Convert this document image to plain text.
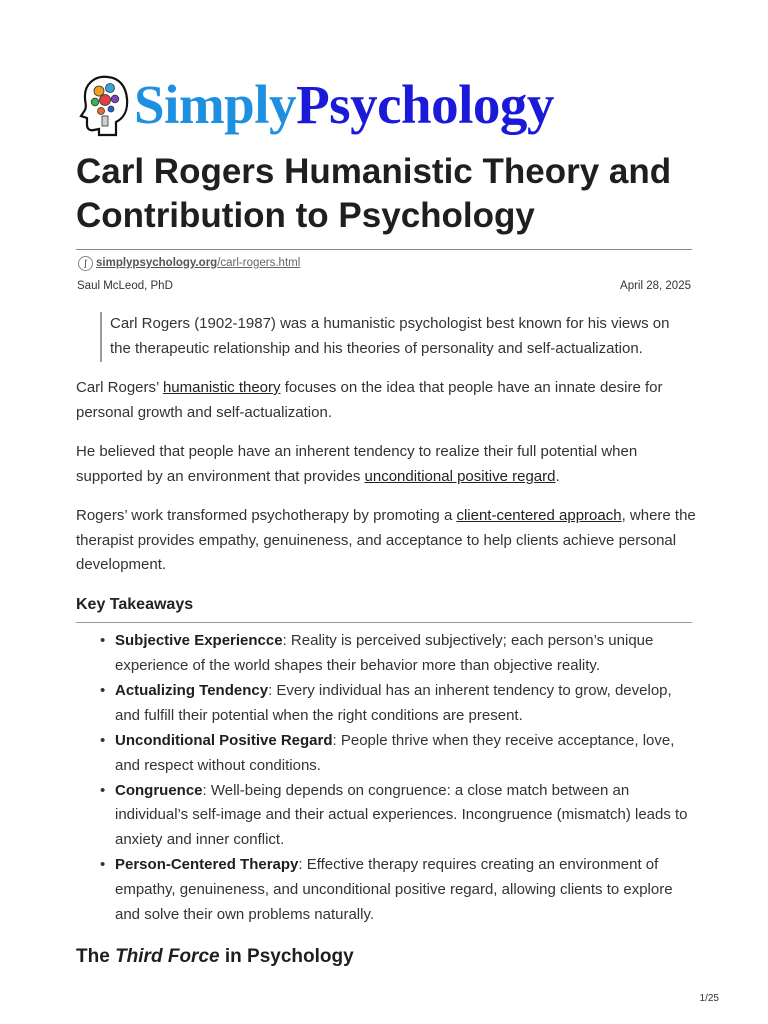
SimplyPsychology
Carl Rogers Humanistic Theory and Contribution to Psychology
ʃ simplypsychology.org /carl-rogers.html
Saul McLeod, PhD	April 28, 2025
Carl Rogers (1902-1987) was a humanistic psychologist best known for his views on the therapeutic relationship and his theories of personality and self-actualization.

Carl Rogers’ humanistic theory focuses on the idea that people have an innate desire for personal growth and self-actualization.

He believed that people have an inherent tendency to realize their full potential when supported by an environment that provides unconditional positive regard.

Rogers’ work transformed psychotherapy by promoting a client-centered approach, where the therapist provides empathy, genuineness, and acceptance to help clients achieve personal development.

Key Takeaways
• Subjective Experiencce: Reality is perceived subjectively; each person’s unique experience of the world shapes their behavior more than objective reality.
• Actualizing Tendency: Every individual has an inherent tendency to grow, develop, and fulfill their potential when the right conditions are present.
• Unconditional Positive Regard: People thrive when they receive acceptance, love, and respect without conditions.
• Congruence: Well-being depends on congruence: a close match between an individual’s self-image and their actual experiences. Incongruence (mismatch) leads to anxiety and inner conflict.
• Person-Centered Therapy: Effective therapy requires creating an environment of empathy, genuineness, and unconditional positive regard, allowing clients to explore and solve their own problems naturally.
The Third Force in Psychology
1/25
